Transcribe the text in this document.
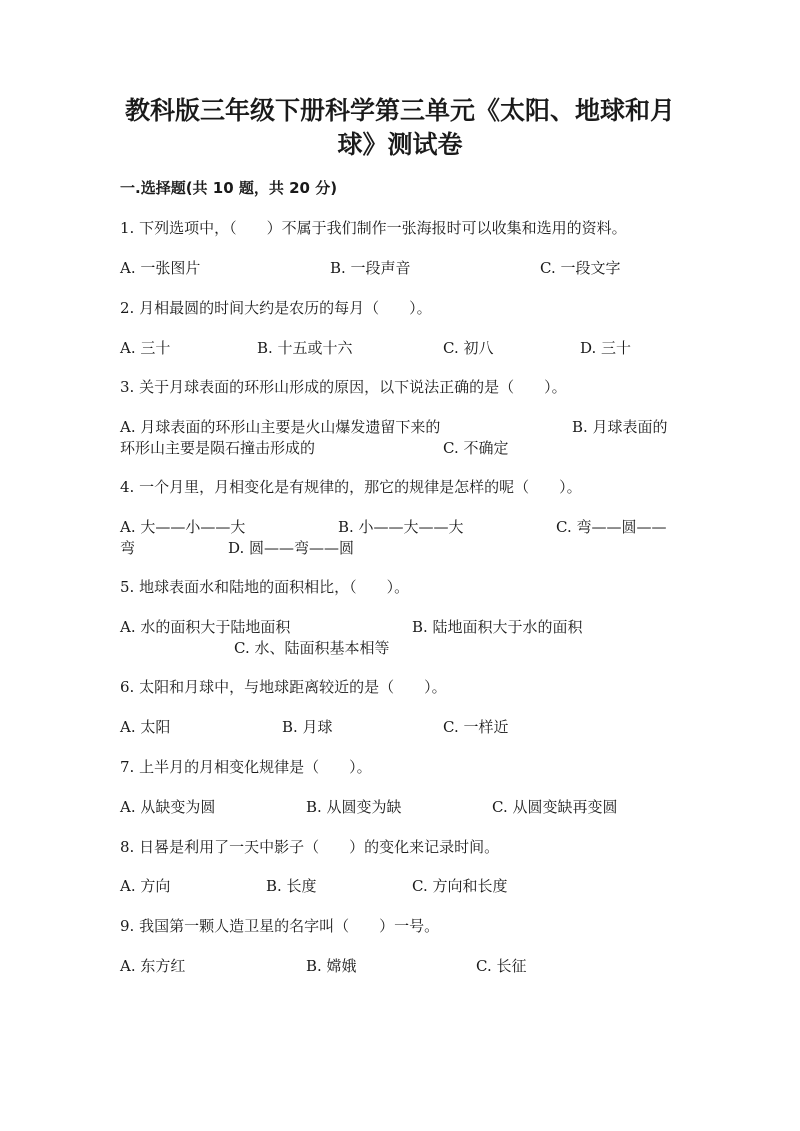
教科版三年级下册科学第三单元《太阳、地球和月
球》测试卷
一.选择题(共 10 题，共 20 分)
1. 下列选项中，（　　）不属于我们制作一张海报时可以收集和选用的资料。
A. 一张图片	B. 一段声音	C. 一段文字
2. 月相最圆的时间大约是农历的每月（　　）。
A. 三十	B. 十五或十六	C. 初八	D. 三十
3. 关于月球表面的环形山形成的原因，以下说法正确的是（　　）。
A. 月球表面的环形山主要是火山爆发遗留下来的	B. 月球表面的
环形山主要是陨石撞击形成的	C. 不确定
4. 一个月里，月相变化是有规律的，那它的规律是怎样的呢（　　）。
A. 大——小——大	B. 小——大——大	C. 弯——圆——
弯	D. 圆——弯——圆
5. 地球表面水和陆地的面积相比，（　　）。
A. 水的面积大于陆地面积	B. 陆地面积大于水的面积
C. 水、陆面积基本相等
6. 太阳和月球中，与地球距离较近的是（　　）。
A. 太阳	B. 月球	C. 一样近
7. 上半月的月相变化规律是（　　）。
A. 从缺变为圆	B. 从圆变为缺	C. 从圆变缺再变圆
8. 日晷是利用了一天中影子（　　）的变化来记录时间。
A. 方向	B. 长度	C. 方向和长度
9. 我国第一颗人造卫星的名字叫（　　）一号。
A. 东方红	B. 嫦娥	C. 长征
